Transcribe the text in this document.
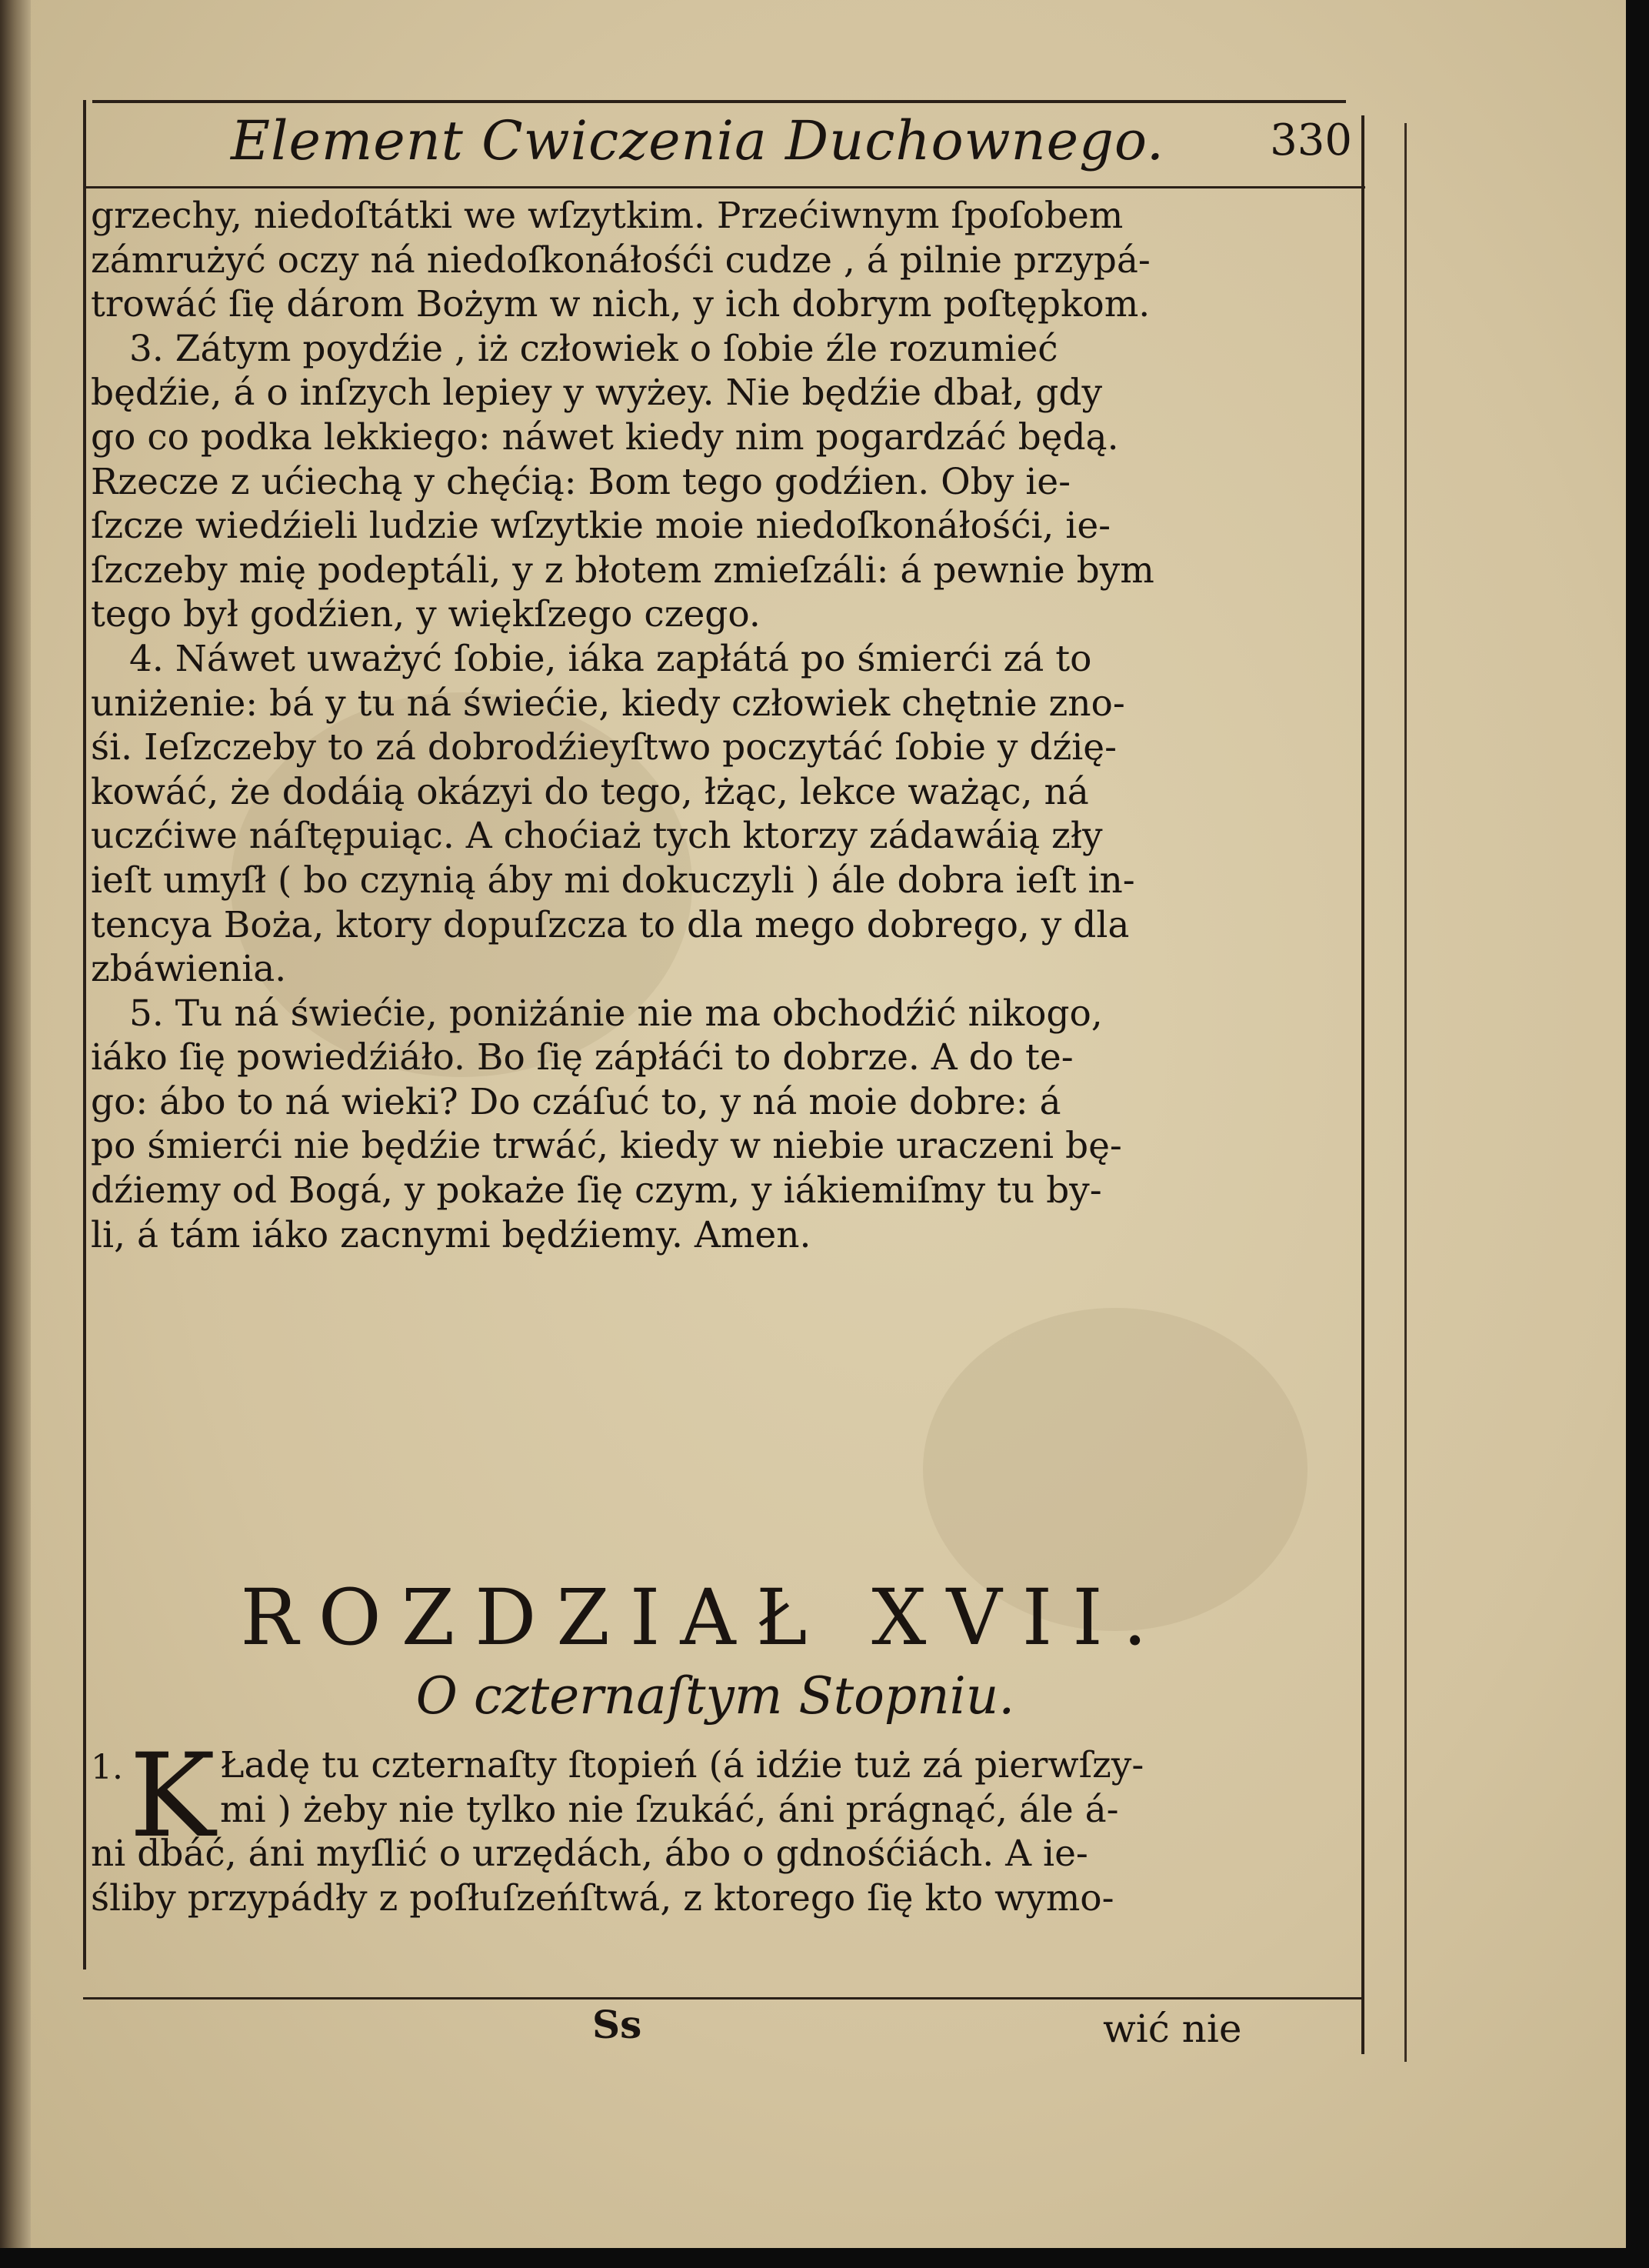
Element Cwiczenia Duchownego. 330
grzechy, niedoſtátki we wſzytkim. Przećiwnym ſpoſobem
zámrużyć oczy ná niedoſkonáłośći cudze , á pilnie przypá-
trowáć ſię dárom Bożym w nich, y ich dobrym poſtępkom.
3. Zátym poydźie , iż człowiek o ſobie źle rozumieć
będźie, á o inſzych lepiey y wyżey. Nie będźie dbał, gdy
go co podka lekkiego: náwet kiedy nim pogardzáć będą.
Rzecze z ućiechą y chęćią: Bom tego godźien. Oby ie-
ſzcze wiedźieli ludzie wſzytkie moie niedoſkonáłośći, ie-
ſzczeby mię podeptáli, y z błotem zmieſzáli: á pewnie bym
tego był godźien, y więkſzego czego.
4. Náwet uważyć ſobie, iáka zapłátá po śmierći zá to
uniżenie: bá y tu ná świećie, kiedy człowiek chętnie zno-
śi. Ieſzczeby to zá dobrodźieyſtwo poczytáć ſobie y dźię-
kowáć, że dodáią okázyi do tego, łżąc, lekce ważąc, ná
uczćiwe náſtępuiąc. A choćiaż tych ktorzy zádawáią zły
ieſt umyſł ( bo czynią áby mi dokuczyli ) ále dobra ieſt in-
tencya Boża, ktory dopuſzcza to dla mego dobrego, y dla
zbáwienia.
5. Tu ná świećie, poniżánie nie ma obchodźić nikogo,
iáko ſię powiedźiáło. Bo ſię zápłáći to dobrze. A do te-
go: ábo to ná wieki? Do czáſuć to, y ná moie dobre: á
po śmierći nie będźie trwáć, kiedy w niebie uraczeni bę-
dźiemy od Bogá, y pokaże ſię czym, y iákiemiſmy tu by-
li, á tám iáko zacnymi będźiemy. Amen.
ROZDZIAŁ XVII.
O czternaſtym Stopniu.
1. K Ładę tu czternaſty ſtopień (á idźie tuż zá pierwſzy-
mi ) żeby nie tylko nie ſzukáć, áni prágnąć, ále á-
ni dbáć, áni myſlić o urzędách, ábo o gdnośćiách. A ie-
śliby przypádły z poſłuſzeńſtwá, z ktorego ſię kto wymo-
Ss	wić nie
